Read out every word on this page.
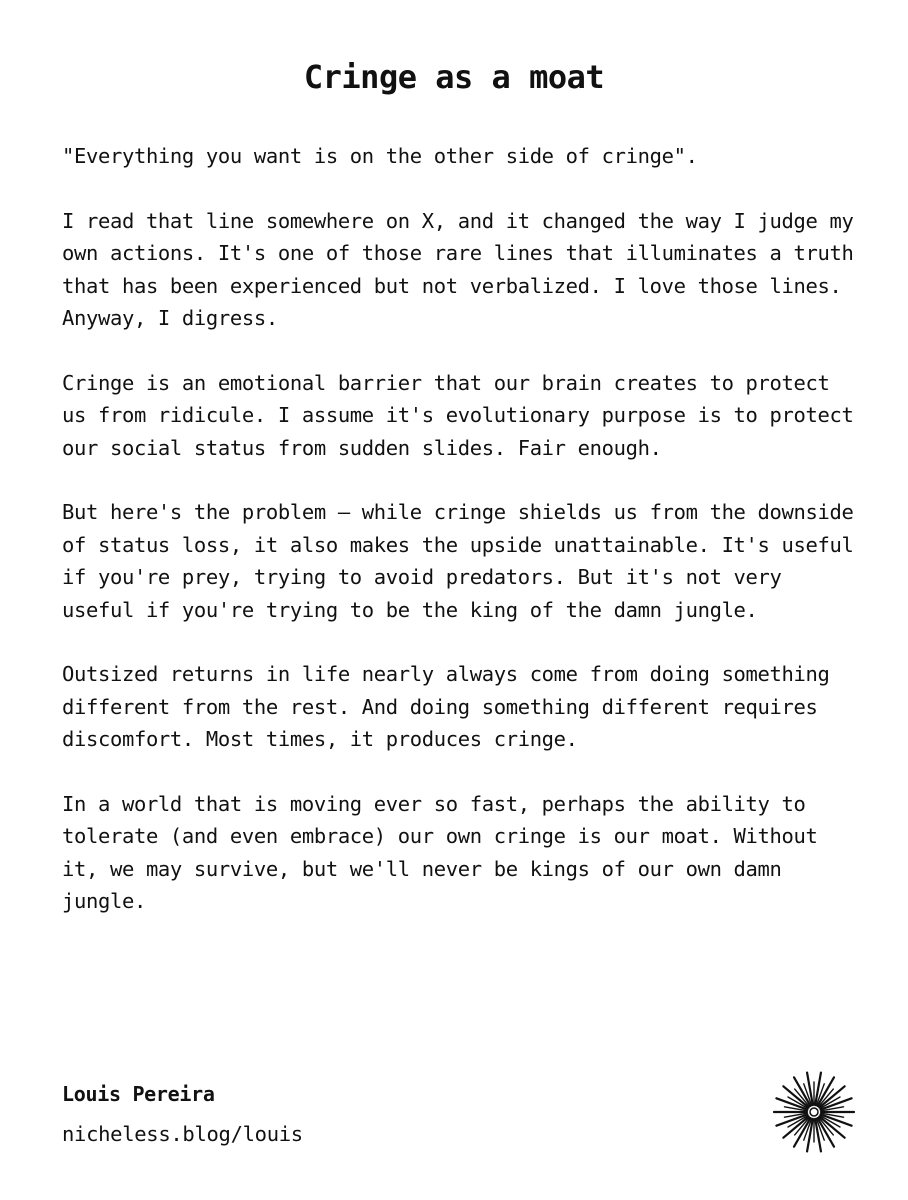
Cringe as a moat

"Everything you want is on the other side of cringe".

I read that line somewhere on X, and it changed the way I judge my own actions. It's one of those rare lines that illuminates a truth that has been experienced but not verbalized. I love those lines. Anyway, I digress.

Cringe is an emotional barrier that our brain creates to protect us from ridicule. I assume it's evolutionary purpose is to protect our social status from sudden slides. Fair enough.

But here's the problem – while cringe shields us from the downside of status loss, it also makes the upside unattainable. It's useful if you're prey, trying to avoid predators. But it's not very useful if you're trying to be the king of the damn jungle.

Outsized returns in life nearly always come from doing something different from the rest. And doing something different requires discomfort. Most times, it produces cringe.

In a world that is moving ever so fast, perhaps the ability to tolerate (and even embrace) our own cringe is our moat. Without it, we may survive, but we'll never be kings of our own damn jungle.

Louis Pereira
nicheless.blog/louis
